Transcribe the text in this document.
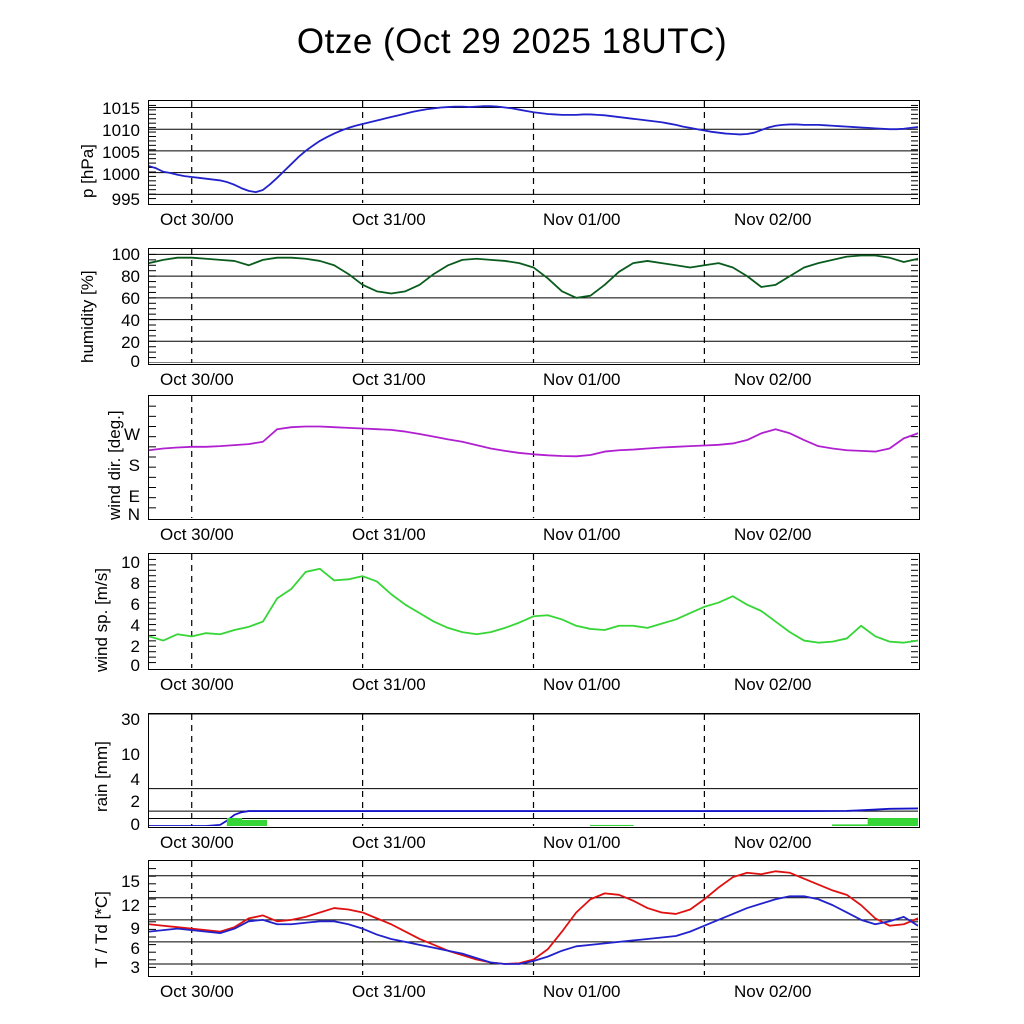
Otze (Oct 29 2025 18UTC)
p [hPa]
1015
1010
1005
1000
995
Oct 30/00	Oct 31/00	Nov 01/00	Nov 02/00
humidity [%]
100
80
60
40
20
0
Oct 30/00	Oct 31/00	Nov 01/00	Nov 02/00
wind dir. [deg.] W
S
E
N
Oct 30/00	Oct 31/00	Nov 01/00	Nov 02/00
wind sp. [m/s]
10
8
6
4
2
0
Oct 30/00	Oct 31/00	Nov 01/00	Nov 02/00
rain [mm]
30
10
4
2
0
Oct 30/00	Oct 31/00	Nov 01/00	Nov 02/00
T / Td [*C]
15
12
9
6
3
Oct 30/00	Oct 31/00	Nov 01/00	Nov 02/00
